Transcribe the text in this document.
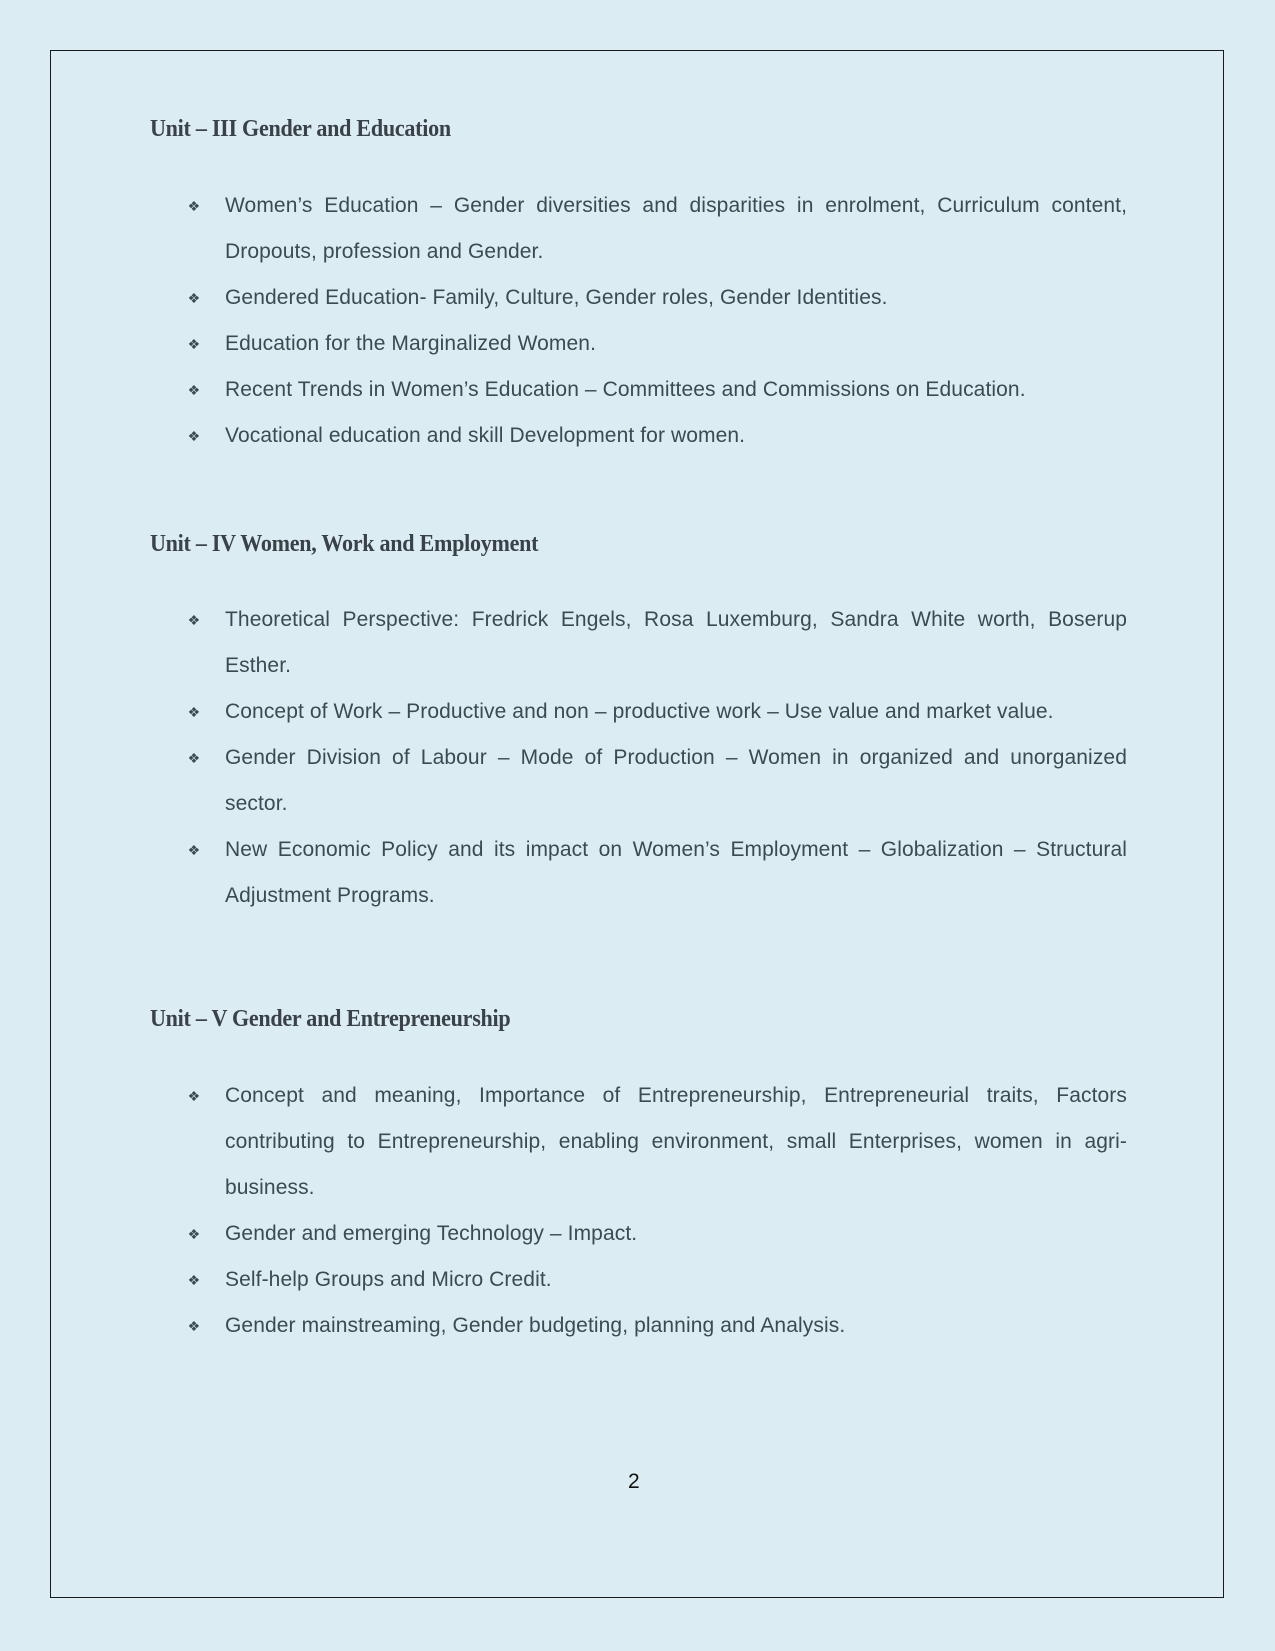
Unit – III Gender and Education
❖ Women’s Education – Gender diversities and disparities in enrolment, Curriculum content, Dropouts, profession and Gender.
❖ Gendered Education- Family, Culture, Gender roles, Gender Identities.
❖ Education for the Marginalized Women.
❖ Recent Trends in Women’s Education – Committees and Commissions on Education.
❖ Vocational education and skill Development for women.
Unit – IV Women, Work and Employment
❖ Theoretical Perspective: Fredrick Engels, Rosa Luxemburg, Sandra White worth, Boserup Esther.
❖ Concept of Work – Productive and non – productive work – Use value and market value.
❖ Gender Division of Labour – Mode of Production – Women in organized and unorganized sector.
❖ New Economic Policy and its impact on Women’s Employment – Globalization – Structural Adjustment Programs.
Unit – V Gender and Entrepreneurship
❖ Concept and meaning, Importance of Entrepreneurship, Entrepreneurial traits, Factors contributing to Entrepreneurship, enabling environment, small Enterprises, women in agri-business.
❖ Gender and emerging Technology – Impact.
❖ Self-help Groups and Micro Credit.
❖ Gender mainstreaming, Gender budgeting, planning and Analysis.
2
